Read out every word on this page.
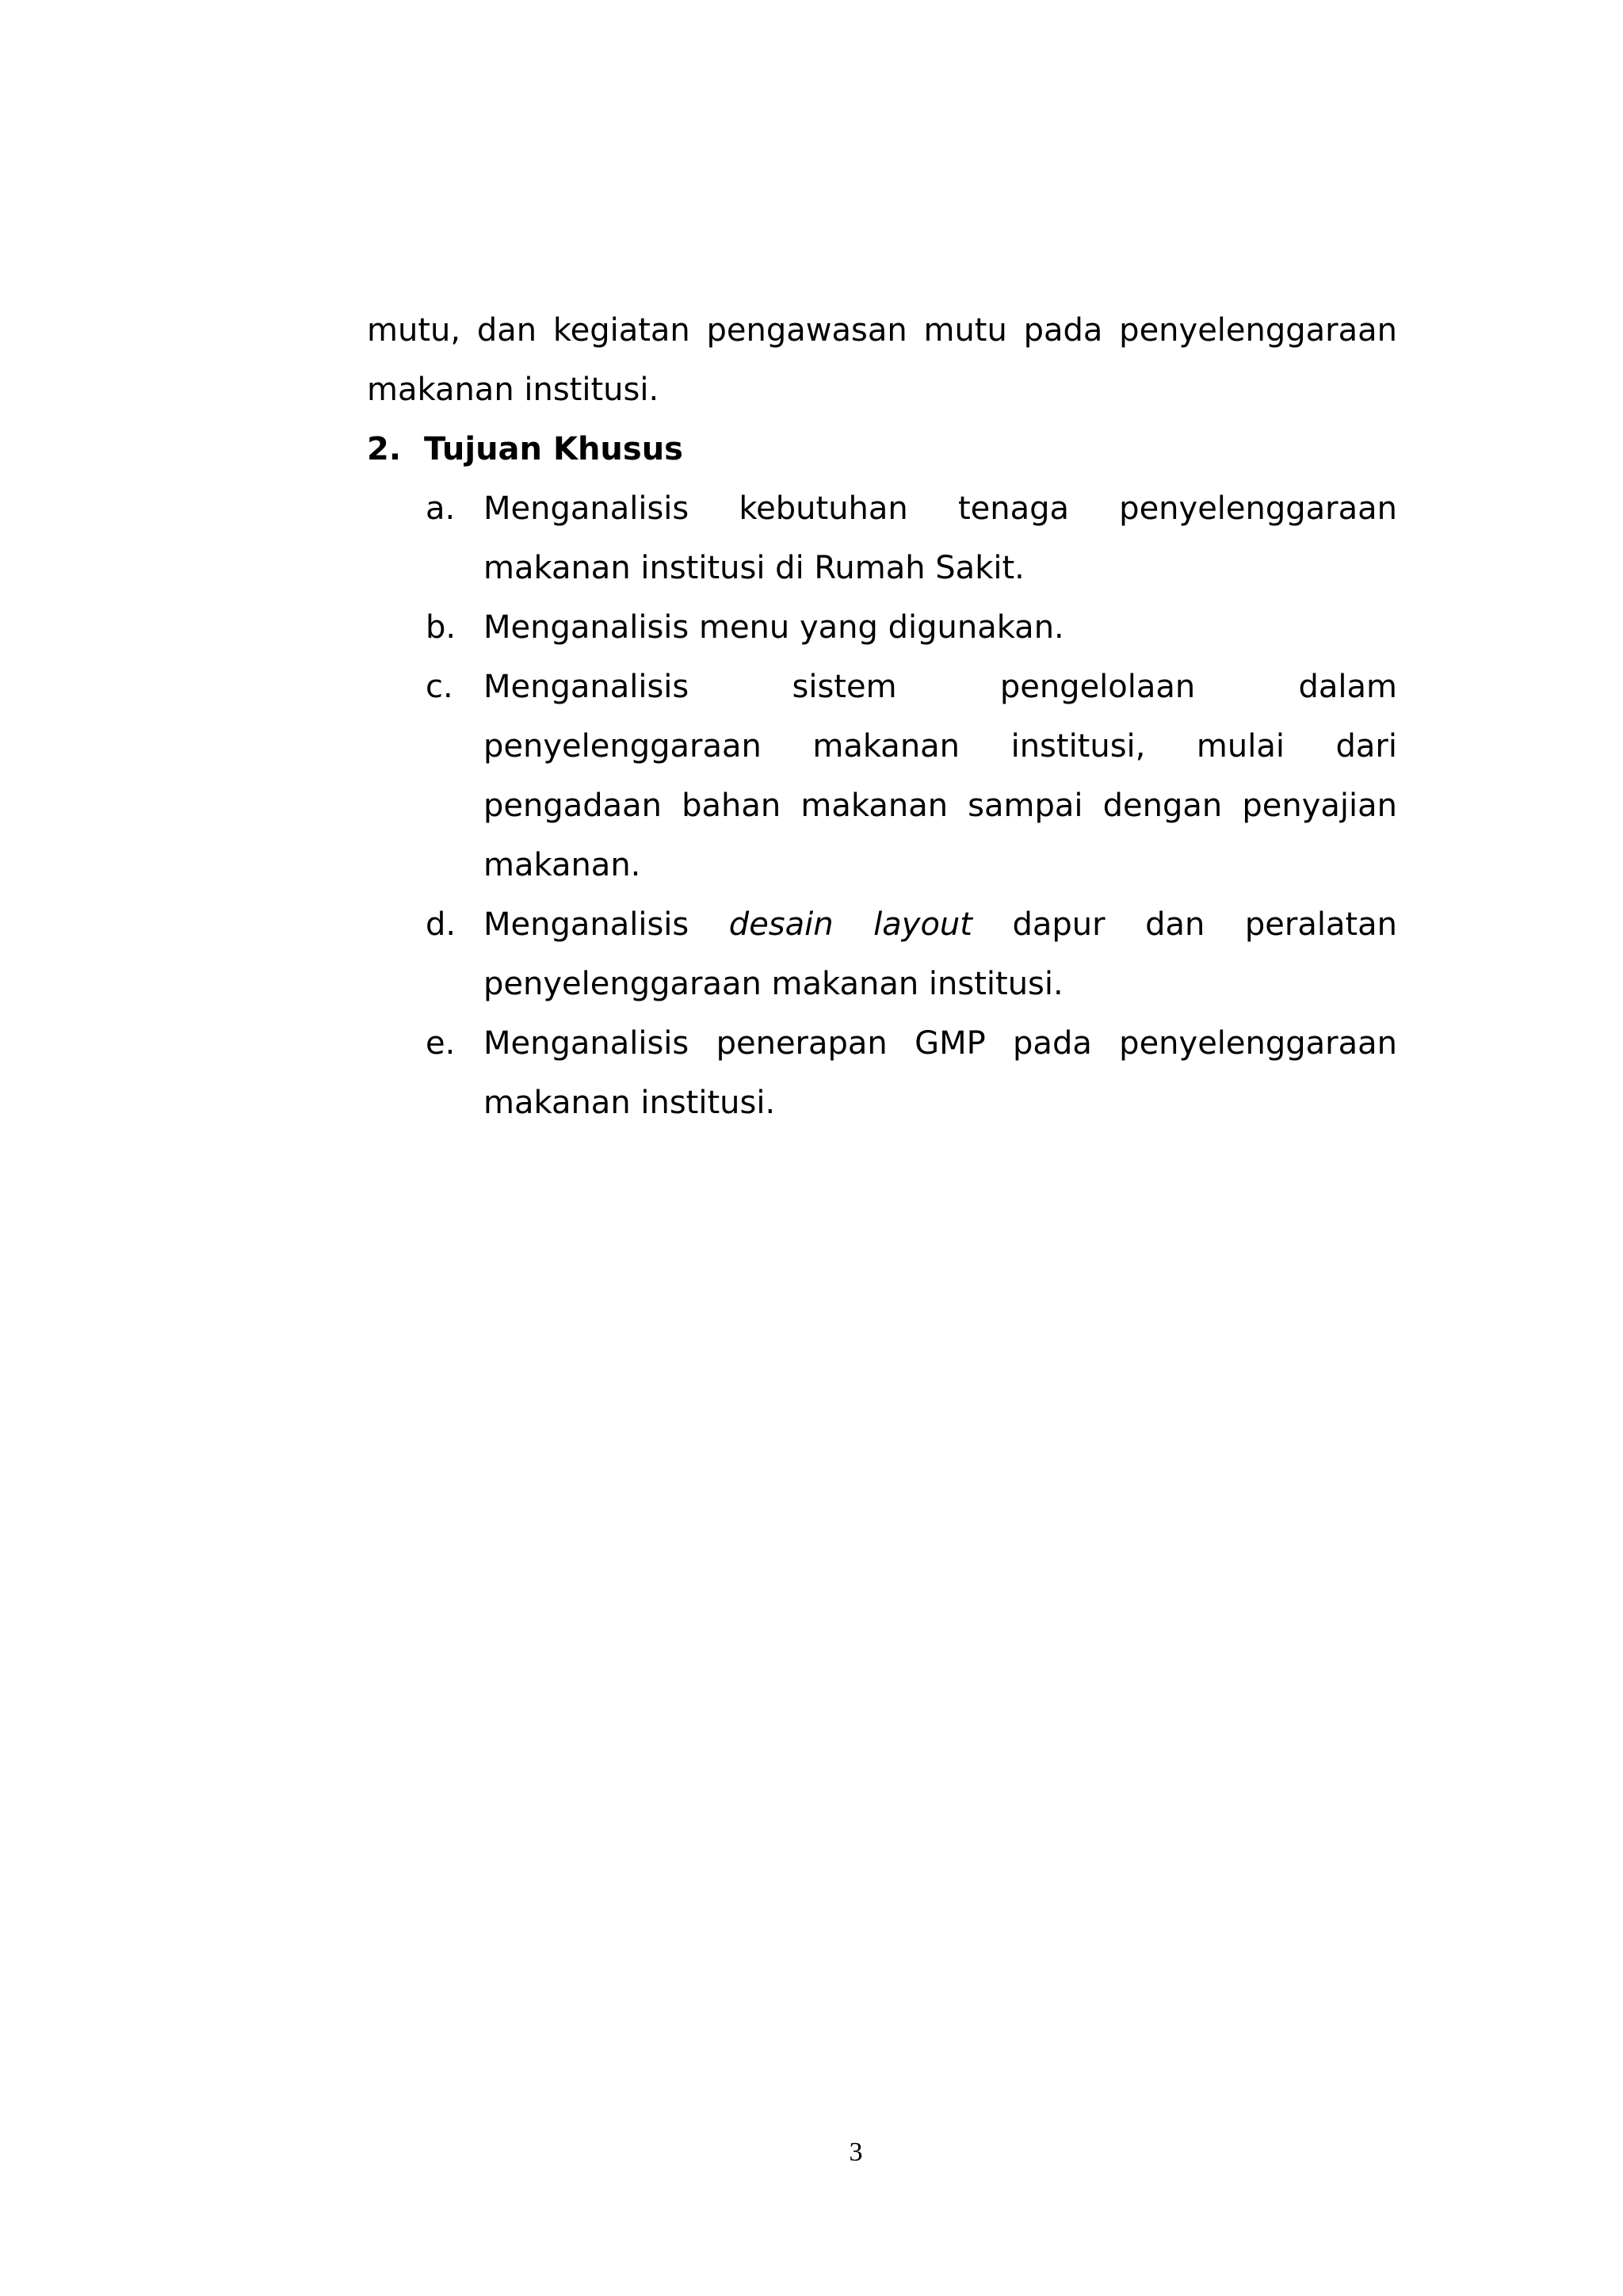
mutu, dan kegiatan pengawasan mutu pada penyelenggaraan

makanan institusi.

2. Tujuan Khusus
a. Menganalisis kebutuhan tenaga penyelenggaraan makanan institusi di Rumah Sakit.
b. Menganalisis menu yang digunakan.
c. Menganalisis sistem pengelolaan dalam penyelenggaraan makanan institusi, mulai dari pengadaan bahan makanan sampai dengan penyajian makanan.
d. Menganalisis desain layout dapur dan peralatan penyelenggaraan makanan institusi.
e. Menganalisis penerapan GMP pada penyelenggaraan makanan institusi.
3
